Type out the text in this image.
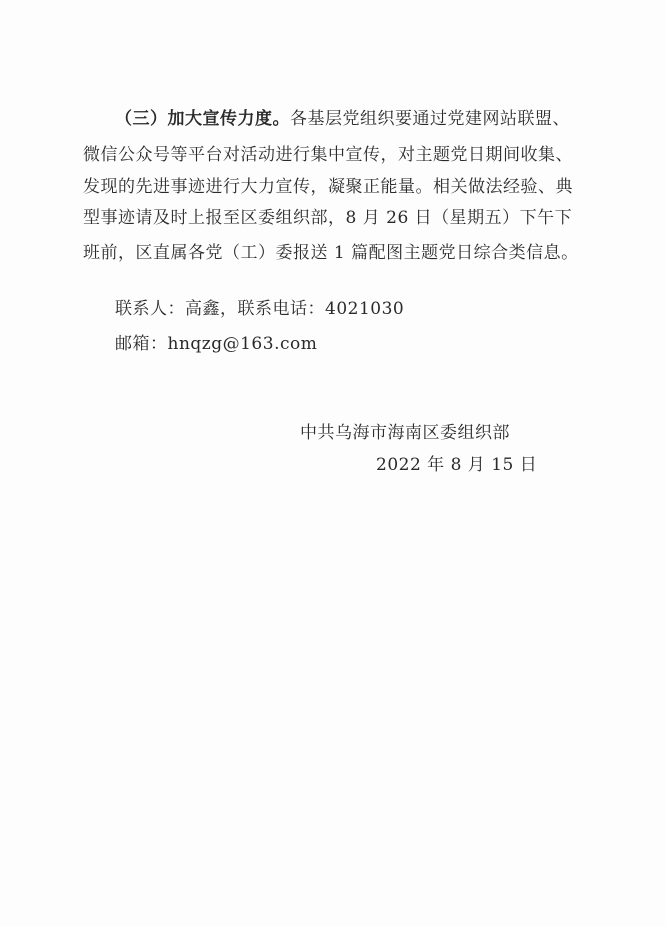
（三）加大宣传力度。各基层党组织要通过党建网站联盟、
微信公众号等平台对活动进行集中宣传，对主题党日期间收集、
发现的先进事迹进行大力宣传，凝聚正能量。相关做法经验、典
型事迹请及时上报至区委组织部，8 月 26 日（星期五）下午下
班前，区直属各党（工）委报送 1 篇配图主题党日综合类信息。
联系人：高鑫，联系电话：4021030
邮箱：hnqzg@163.com
中共乌海市海南区委组织部
2022 年 8 月 15 日
